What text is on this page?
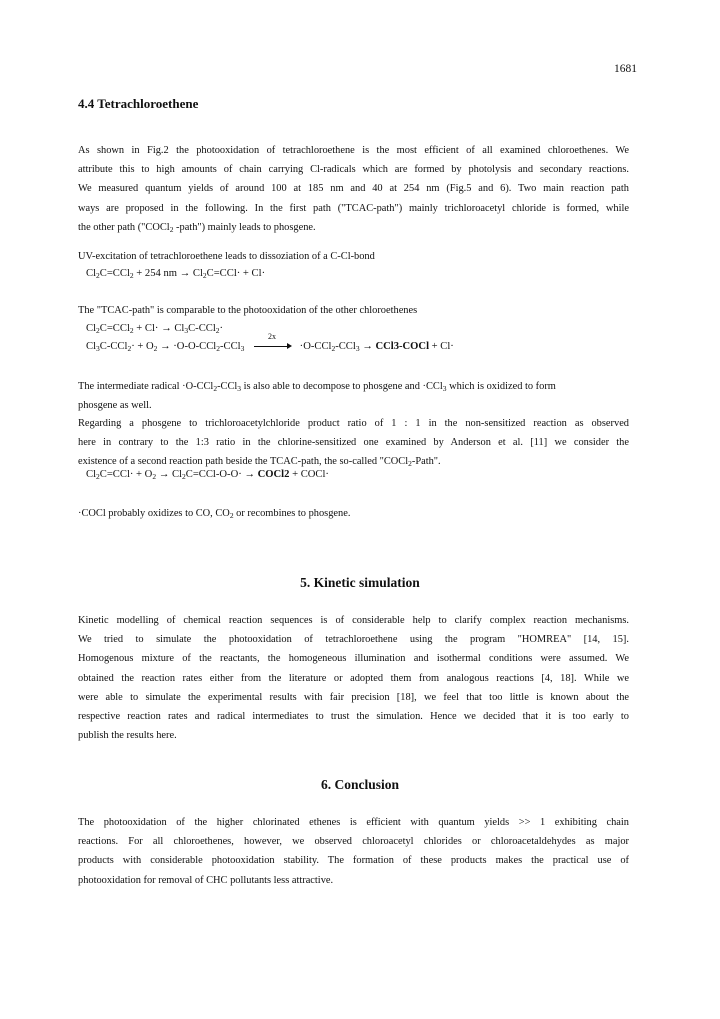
1681
4.4 Tetrachloroethene
As shown in Fig.2 the photooxidation of tetrachloroethene is the most efficient of all examined chloroethenes. We
attribute this to high amounts of chain carrying Cl-radicals which are formed by photolysis and secondary reactions.
We measured quantum yields of around 100 at 185 nm and 40 at 254 nm (Fig.5 and 6). Two main reaction path
ways are proposed in the following. In the first path ("TCAC-path") mainly trichloroacetyl chloride is formed, while
the other path ("COCl$_2$ -path") mainly leads to phosgene.
UV-excitation of tetrachloroethene leads to dissoziation of a C-Cl-bond
$Cl_2C=CCl_2 + 254$ nm → $Cl_2C=CCl\cdot + Cl\cdot$
The "TCAC-path" is comparable to the photooxidation of the other chloroethenes
$Cl_2C=CCl_2 + Cl\cdot \to Cl_3C-CCl_2\cdot$
$Cl_3C-CCl_2\cdot + O_2 \to \cdot O-O-CCl_2-CCl_3$
2x
·O-CCl$_2$-CCl$_3$ → CCl3-COCl + Cl·
The intermediate radical ·O-CCl$_2$-CCl$_3$ is also able to decompose to phosgene and ·CCl$_3$ which is oxidized to form
phosgene as well.
Regarding a phosgene to trichloroacetylchloride product ratio of 1 : 1 in the non-sensitized reaction as observed
here in contrary to the 1:3 ratio in the chlorine-sensitized one examined by Anderson et al. [11] we consider the
existence of a second reaction path beside the TCAC-path, the so-called "COCl$_2$-Path".
$Cl_2C=CCl\cdot + O_2 \to Cl_2C=CCl-O-O\cdot$ → COCl2 + COCl·
·COCl probably oxidizes to CO, $CO_2$ or recombines to phosgene.
5. Kinetic simulation
Kinetic modelling of chemical reaction sequences is of considerable help to clarify complex reaction mechanisms.
We tried to simulate the photooxidation of tetrachloroethene using the program "HOMREA" [14, 15].
Homogenous mixture of the reactants, the homogeneous illumination and isothermal conditions were assumed. We
obtained the reaction rates either from the literature or adopted them from analogous reactions [4, 18]. While we
were able to simulate the experimental results with fair precision [18], we feel that too little is known about the
respective reaction rates and radical intermediates to trust the simulation. Hence we decided that it is too early to
publish the results here.
6. Conclusion
The photooxidation of the higher chlorinated ethenes is efficient with quantum yields >> 1 exhibiting chain
reactions. For all chloroethenes, however, we observed chloroacetyl chlorides or chloroacetaldehydes as major
products with considerable photooxidation stability. The formation of these products makes the practical use of
photooxidation for removal of CHC pollutants less attractive.
